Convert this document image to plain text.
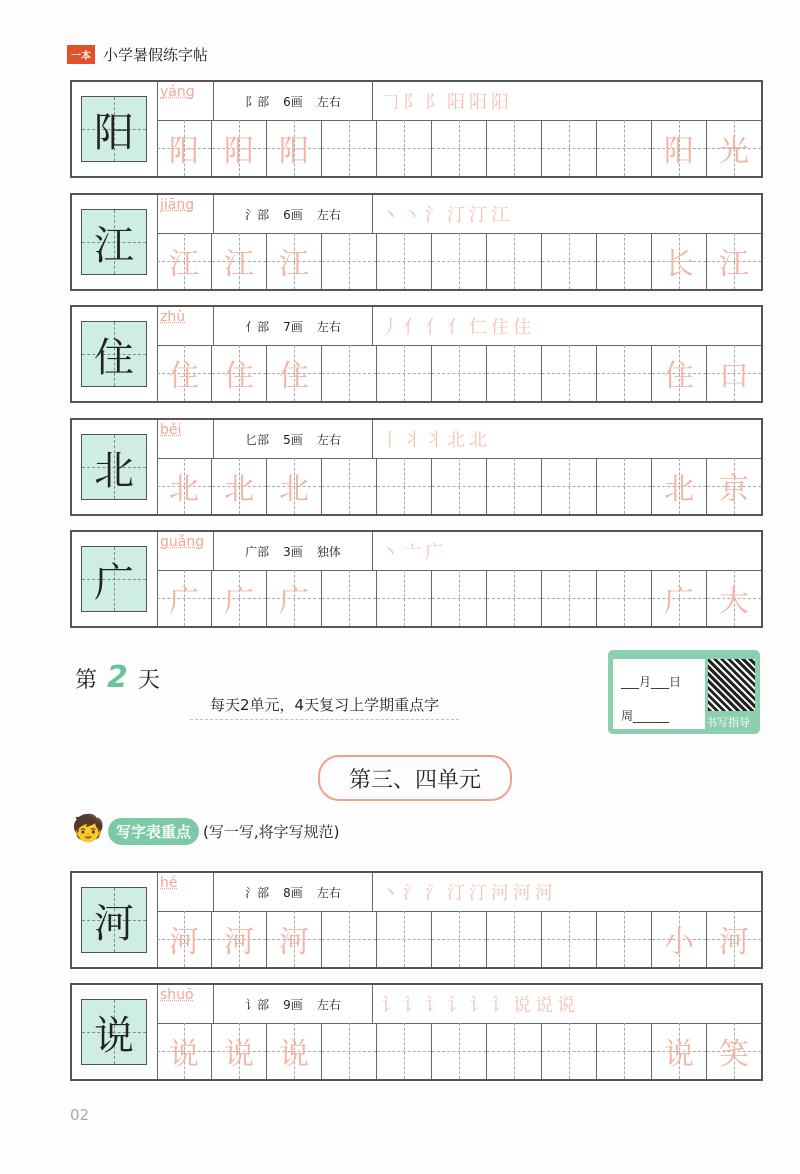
一本 小学暑假练字帖
阳
yáng
阝部 6画 左右	𠃌阝阝阳阳阳
阳 阳 阳	阳 光
江
jiāng
氵部 6画 左右	丶丶氵汀汀江
江 江 江	长 江
住
zhù
亻部 7画 左右	丿亻亻亻仁住住
住 住 住	住 口
北
běi
匕部 5画 左右	丨丬丬北北
北 北 北	北 京
广
guǎng
广部 3画 独体	丶亠广
广 广 广	广 大
第 2 天
每天2单元，4天复习上学期重点字
___月___日
周______	书写指导
第三、四单元
🧒 写字表重点 (写一写,将字写规范)
河
hé
氵部 8画 左右	丶氵氵汀汀河河河
河 河 河	小 河
说
shuō
讠部 9画 左右	讠讠讠讠讠讠说说说
说 说 说	说 笑
02
